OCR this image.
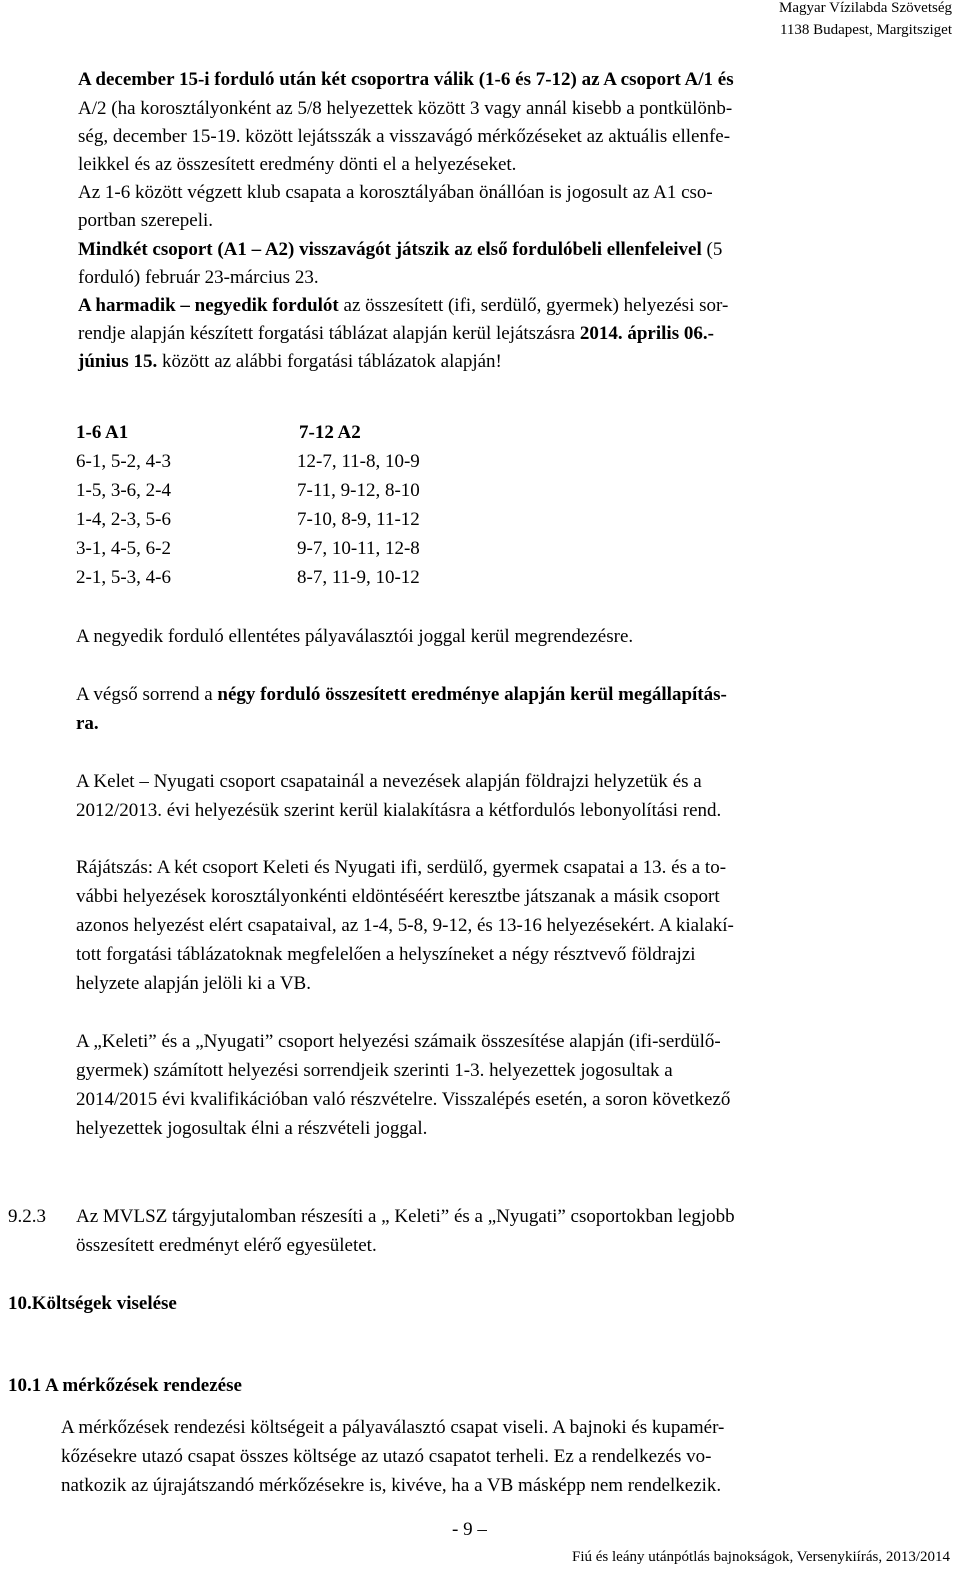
Magyar Vízilabda Szövetség
1138 Budapest, Margitsziget
A december 15-i forduló után két csoportra válik (1-6 és 7-12) az A csoport A/1 és
A/2 (ha korosztályonként az 5/8 helyezettek között 3 vagy annál kisebb a pontkülönb-
ség, december 15-19. között lejátsszák a visszavágó mérkőzéseket az aktuális ellenfe-
leikkel és az összesített eredmény dönti el a helyezéseket.
Az 1-6 között végzett klub csapata a korosztályában önállóan is jogosult az A1 cso-
portban szerepeli.
Mindkét csoport (A1 – A2) visszavágót játszik az első fordulóbeli ellenfeleivel (5
forduló) február 23-március 23.
A harmadik – negyedik fordulót az összesített (ifi, serdülő, gyermek) helyezési sor-
rendje alapján készített forgatási táblázat alapján kerül lejátszásra 2014. április 06.-
június 15. között az alábbi forgatási táblázatok alapján!
1-6 A1	7-12 A2
6-1, 5-2, 4-3	12-7, 11-8, 10-9
1-5, 3-6, 2-4	7-11, 9-12, 8-10
1-4, 2-3, 5-6	7-10, 8-9, 11-12
3-1, 4-5, 6-2	9-7, 10-11, 12-8
2-1, 5-3, 4-6	8-7, 11-9, 10-12
A negyedik forduló ellentétes pályaválasztói joggal kerül megrendezésre.
A végső sorrend a négy forduló összesített eredménye alapján kerül megállapítás-
ra.
A Kelet – Nyugati csoport csapatainál a nevezések alapján földrajzi helyzetük és a
2012/2013. évi helyezésük szerint kerül kialakításra a kétfordulós lebonyolítási rend.
Rájátszás: A két csoport Keleti és Nyugati ifi, serdülő, gyermek csapatai a 13. és a to-
vábbi helyezések korosztályonkénti eldöntéséért keresztbe játszanak a másik csoport
azonos helyezést elért csapataival, az 1-4, 5-8, 9-12, és 13-16 helyezésekért. A kialakí-
tott forgatási táblázatoknak megfelelően a helyszíneket a négy résztvevő földrajzi
helyzete alapján jelöli ki a VB.
A „Keleti” és a „Nyugati” csoport helyezési számaik összesítése alapján (ifi-serdülő-
gyermek) számított helyezési sorrendjeik szerinti 1-3. helyezettek jogosultak a
2014/2015 évi kvalifikációban való részvételre. Visszalépés esetén, a soron következő
helyezettek jogosultak élni a részvételi joggal.
9.2.3 Az MVLSZ tárgyjutalomban részesíti a „ Keleti” és a „Nyugati” csoportokban legjobb
összesített eredményt elérő egyesületet.
10.Költségek viselése
10.1 A mérkőzések rendezése
A mérkőzések rendezési költségeit a pályaválasztó csapat viseli. A bajnoki és kupamér-
kőzésekre utazó csapat összes költsége az utazó csapatot terheli. Ez a rendelkezés vo-
natkozik az újrajátszandó mérkőzésekre is, kivéve, ha a VB másképp nem rendelkezik.
- 9 –
Fiú és leány utánpótlás bajnokságok, Versenykiírás, 2013/2014
